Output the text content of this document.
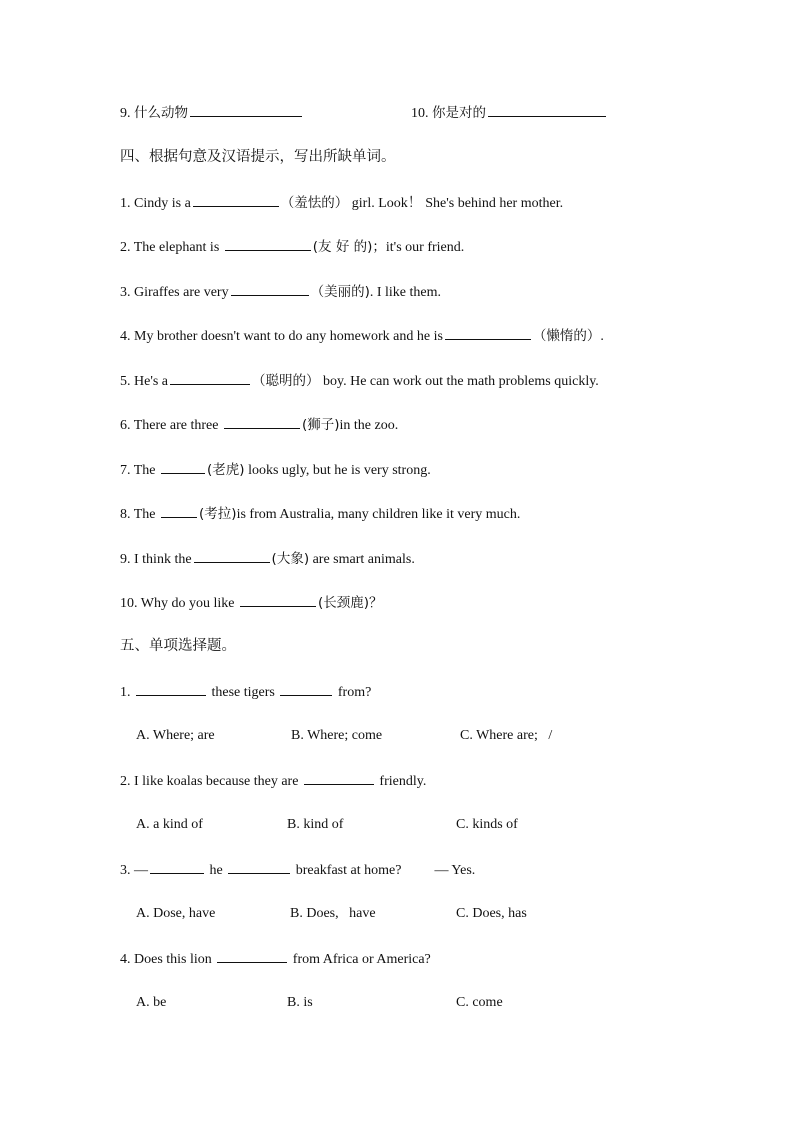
9. 什么动物	10. 你是对的
四、根据句意及汉语提示，写出所缺单词。
1. Cindy is a	（羞怯的） girl. Look！ She's behind her mother.
2. The elephant is	(友 好 的)；it's our friend.
3. Giraffes are very	（美丽的). I like them.
4. My brother doesn't want to do any homework and he is	（懒惰的）.
5. He's a	（聪明的） boy. He can work out the math problems quickly.
6. There are three	(狮子)in the zoo.
7. The	(老虎) looks ugly, but he is very strong.
8. The	(考拉)is from Australia, many children like it very much.
9. I think the	(大象) are smart animals.
10. Why do you like	(长颈鹿)？
五、单项选择题。
1.	these tigers	from?
A. Where; are	B. Where; come	C. Where are;   /
2. I like koalas because they are	friendly.
A. a kind of	B. kind of	C. kinds of
3. —	he	breakfast at home? — Yes.
A. Dose, have	B. Does,   have	C. Does, has
4. Does this lion	from Africa or America?
A. be	B. is	C. come
